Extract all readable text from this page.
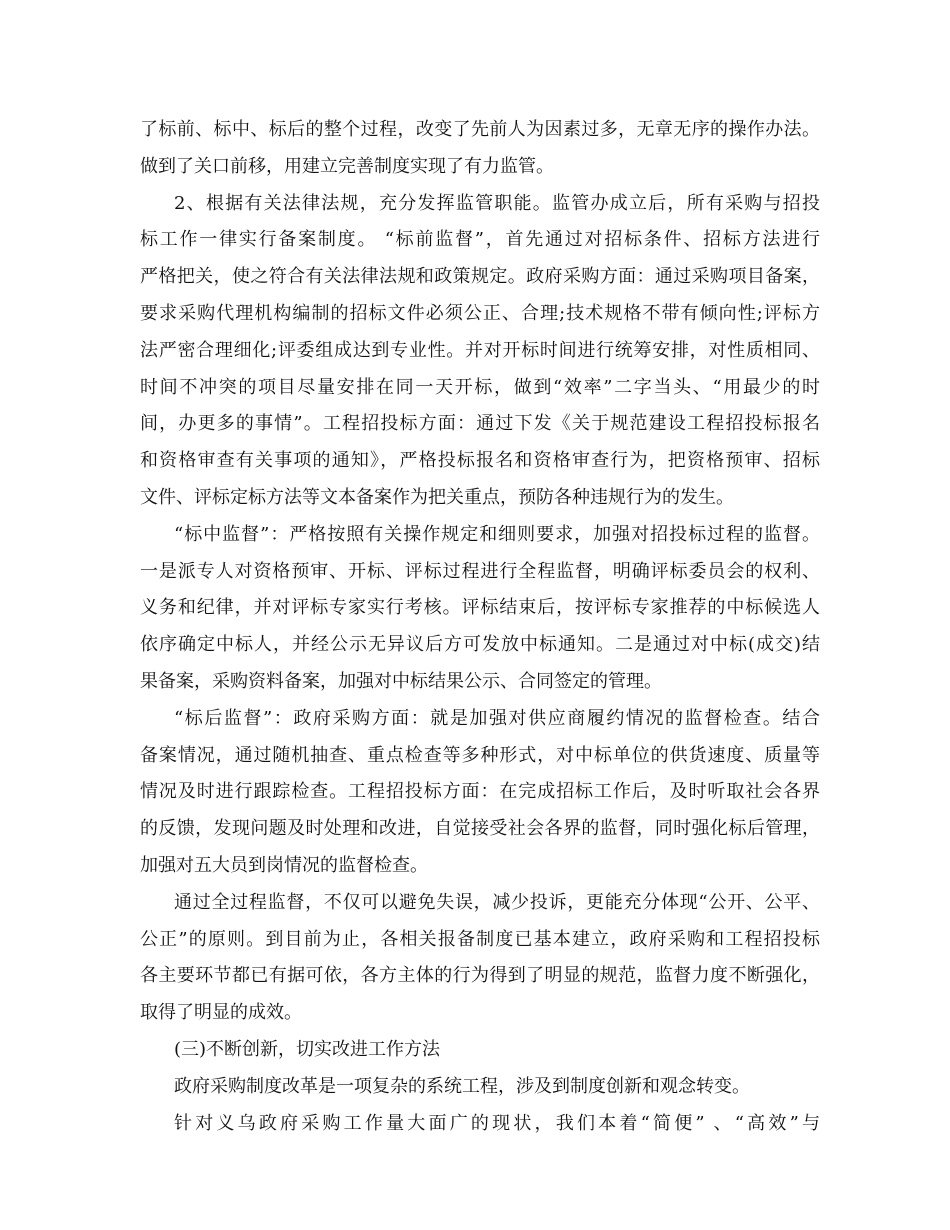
了标前、标中、标后的整个过程，改变了先前人为因素过多，无章无序的操作办法。
做到了关口前移，用建立完善制度实现了有力监管。
2、根据有关法律法规，充分发挥监管职能。监管办成立后，所有采购与招投
标工作一律实行备案制度。 “标前监督”，首先通过对招标条件、招标方法进行
严格把关，使之符合有关法律法规和政策规定。政府采购方面：通过采购项目备案，
要求采购代理机构编制的招标文件必须公正、合理;技术规格不带有倾向性;评标方
法严密合理细化;评委组成达到专业性。并对开标时间进行统筹安排，对性质相同、
时间不冲突的项目尽量安排在同一天开标，做到“效率”二字当头、“用最少的时
间，办更多的事情”。工程招投标方面：通过下发《关于规范建设工程招投标报名
和资格审查有关事项的通知》，严格投标报名和资格审查行为，把资格预审、招标
文件、评标定标方法等文本备案作为把关重点，预防各种违规行为的发生。
“标中监督”：严格按照有关操作规定和细则要求，加强对招投标过程的监督。
一是派专人对资格预审、开标、评标过程进行全程监督，明确评标委员会的权利、
义务和纪律，并对评标专家实行考核。评标结束后，按评标专家推荐的中标候选人
依序确定中标人，并经公示无异议后方可发放中标通知。二是通过对中标(成交)结
果备案，采购资料备案，加强对中标结果公示、合同签定的管理。
“标后监督”：政府采购方面：就是加强对供应商履约情况的监督检查。结合
备案情况，通过随机抽查、重点检查等多种形式，对中标单位的供货速度、质量等
情况及时进行跟踪检查。工程招投标方面：在完成招标工作后，及时听取社会各界
的反馈，发现问题及时处理和改进，自觉接受社会各界的监督，同时强化标后管理，
加强对五大员到岗情况的监督检查。
通过全过程监督，不仅可以避免失误，减少投诉，更能充分体现“公开、公平、
公正”的原则。到目前为止，各相关报备制度已基本建立，政府采购和工程招投标
各主要环节都已有据可依，各方主体的行为得到了明显的规范，监督力度不断强化，
取得了明显的成效。
(三)不断创新，切实改进工作方法
政府采购制度改革是一项复杂的系统工程，涉及到制度创新和观念转变。
针对义乌政府采购工作量大面广的现状，我们本着“简便” 、“高效”与
